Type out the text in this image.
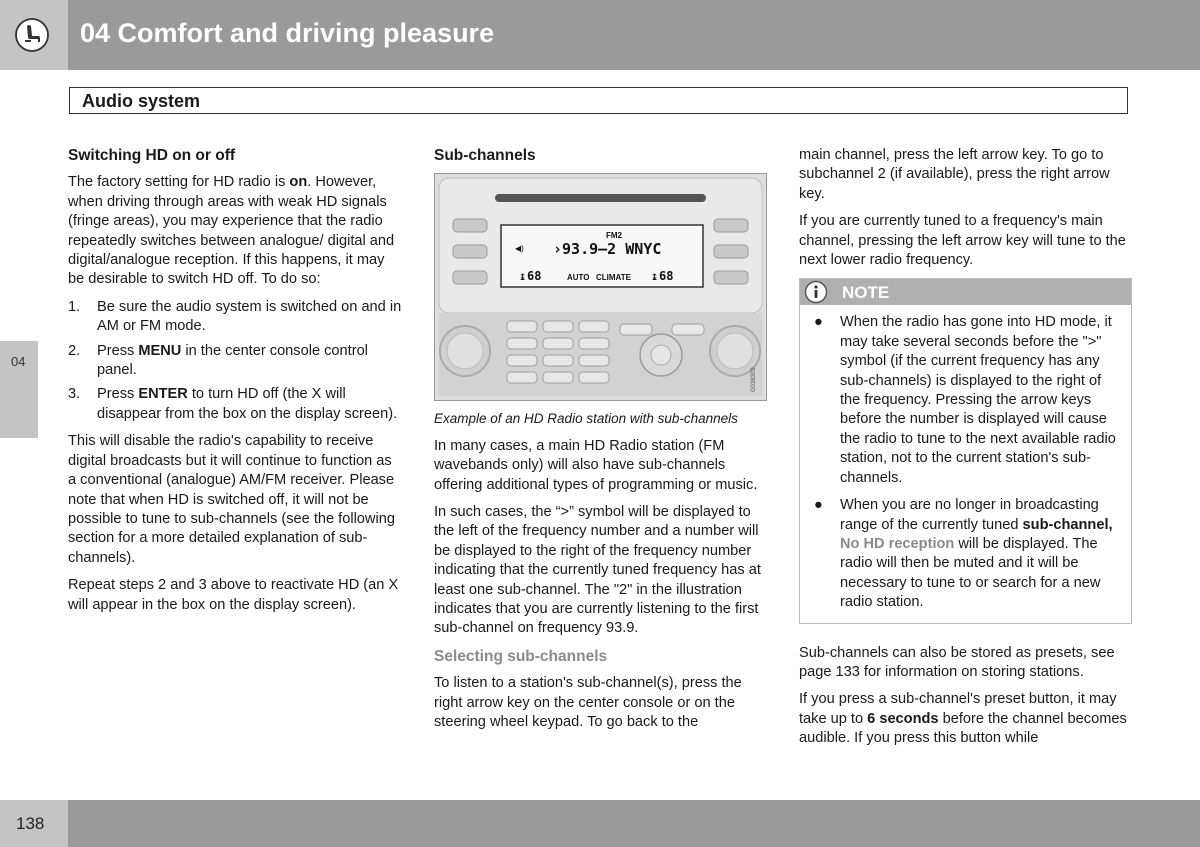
04 Comfort and driving pleasure
Audio system
04

Switching HD on or off

The factory setting for HD radio is on. However, when driving through areas with weak HD signals (fringe areas), you may experience that the radio repeatedly switches between analogue/ digital and digital/analogue reception. If this happens, it may be desirable to switch HD off. To do so:

1. Be sure the audio system is switched on and in AM or FM mode.
2. Press MENU in the center console control panel.
3. Press ENTER to turn HD off (the X will disappear from the box on the display screen).

This will disable the radio's capability to receive digital broadcasts but it will continue to function as a conventional (analogue) AM/FM receiver. Please note that when HD is switched off, it will not be possible to tune to sub-channels (see the following section for a more detailed explanation of sub-channels).

Repeat steps 2 and 3 above to reactivate HD (an X will appear in the box on the display screen).

Sub-channels

FM2
◀) ›93.9–2 WNYC
↨ 68	AUTO CLIMATE ↨ 68
G038309

Example of an HD Radio station with sub-channels

In many cases, a main HD Radio station (FM wavebands only) will also have sub-channels offering additional types of programming or music.

In such cases, the “>” symbol will be displayed to the left of the frequency number and a number will be displayed to the right of the frequency number indicating that the currently tuned frequency has at least one sub-channel. The "2" in the illustration indicates that you are currently listening to the first sub-channel on frequency 93.9.

Selecting sub-channels

To listen to a station's sub-channel(s), press the right arrow key on the center console or on the steering wheel keypad. To go back to the

main channel, press the left arrow key. To go to subchannel 2 (if available), press the right arrow key.

If you are currently tuned to a frequency's main channel, pressing the left arrow key will tune to the next lower radio frequency.

NOTE
● When the radio has gone into HD mode, it may take several seconds before the ">" symbol (if the current frequency has any sub-channels) is displayed to the right of the frequency. Pressing the arrow keys before the number is displayed will cause the radio to tune to the next available radio station, not to the current station's sub-channels.
● When you are no longer in broadcasting range of the currently tuned sub-channel, No HD reception will be displayed. The radio will then be muted and it will be necessary to tune to or search for a new radio station.

Sub-channels can also be stored as presets, see page 133 for information on storing stations.

If you press a sub-channel's preset button, it may take up to 6 seconds before the channel becomes audible. If you press this button while

138
